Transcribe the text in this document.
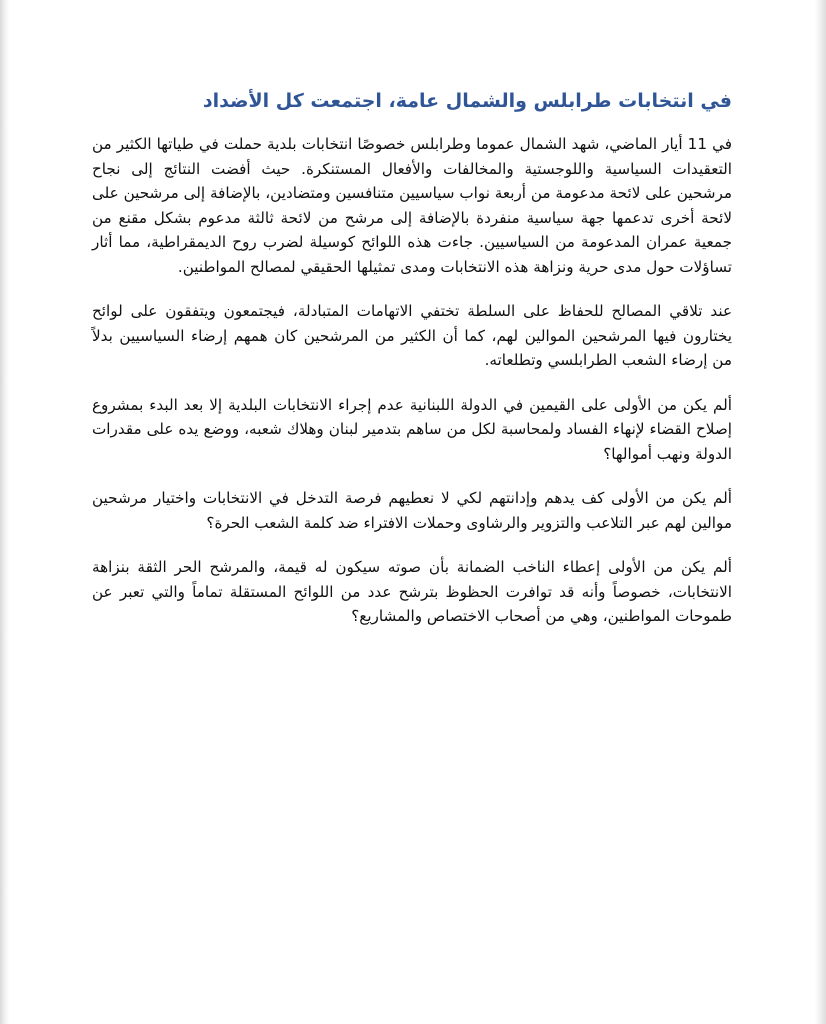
في انتخابات طرابلس والشمال عامة، اجتمعت كل الأضداد

في 11 أيار الماضي، شهد الشمال عموما وطرابلس خصوصًا انتخابات بلدية حملت في طياتها الكثير من التعقيدات السياسية واللوجستية والمخالفات والأفعال المستنكرة. حيث أفضت النتائج إلى نجاح مرشحين على لائحة مدعومة من أربعة نواب سياسيين متنافسين ومتضادين، بالإضافة إلى مرشحين على لائحة أخرى تدعمها جهة سياسية منفردة بالإضافة إلى مرشح من لائحة ثالثة مدعوم بشكل مقنع من جمعية عمران المدعومة من السياسيين. جاءت هذه اللوائح كوسيلة لضرب روح الديمقراطية، مما أثار تساؤلات حول مدى حرية ونزاهة هذه الانتخابات ومدى تمثيلها الحقيقي لمصالح المواطنين.

عند تلاقي المصالح للحفاظ على السلطة تختفي الاتهامات المتبادلة، فيجتمعون ويتفقون على لوائح يختارون فيها المرشحين الموالين لهم، كما أن الكثير من المرشحين كان همهم إرضاء السياسيين بدلاً من إرضاء الشعب الطرابلسي وتطلعاته.

ألم يكن من الأولى على القيمين في الدولة اللبنانية عدم إجراء الانتخابات البلدية إلا بعد البدء بمشروع إصلاح القضاء لإنهاء الفساد ولمحاسبة لكل من ساهم بتدمير لبنان وهلاك شعبه، ووضع يده على مقدرات الدولة ونهب أموالها؟

ألم يكن من الأولى كف يدهم وإدانتهم لكي لا نعطيهم فرصة التدخل في الانتخابات واختيار مرشحين موالين لهم عبر التلاعب والتزوير والرشاوى وحملات الافتراء ضد كلمة الشعب الحرة؟

ألم يكن من الأولى إعطاء الناخب الضمانة بأن صوته سيكون له قيمة، والمرشح الحر الثقة بنزاهة الانتخابات، خصوصاً وأنه قد توافرت الحظوظ بترشح عدد من اللوائح المستقلة تماماً والتي تعبر عن طموحات المواطنين، وهي من أصحاب الاختصاص والمشاريع؟
